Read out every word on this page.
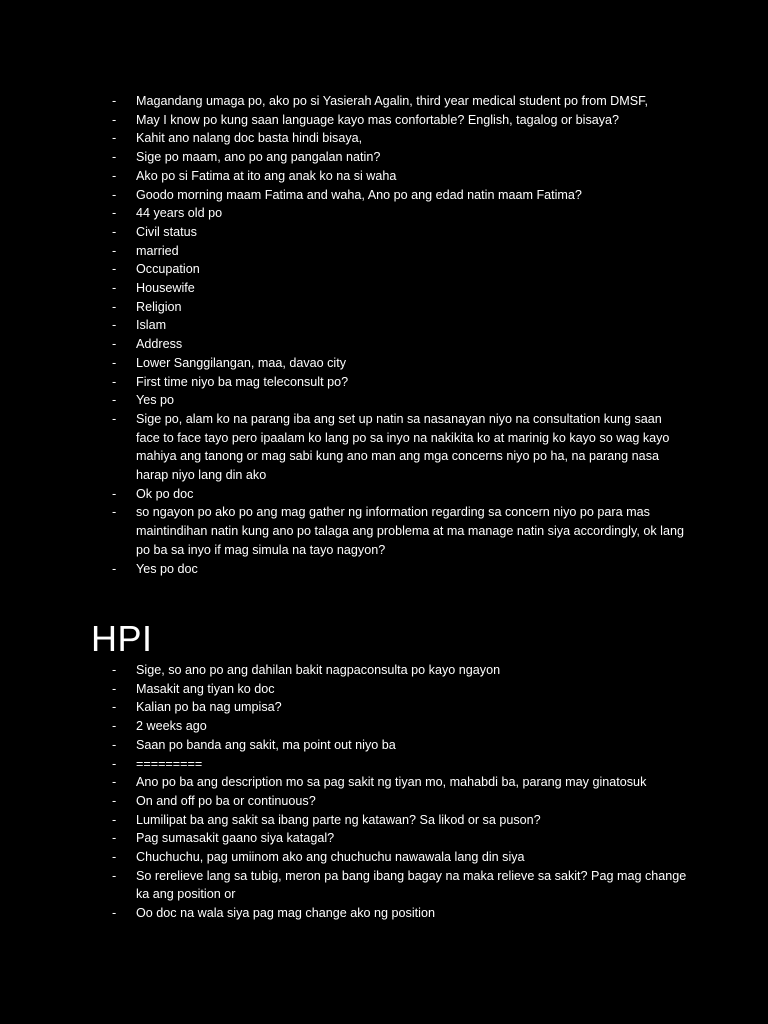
- Magandang umaga po, ako po si Yasierah Agalin, third year medical student po from DMSF,
- May I know po kung saan language kayo mas confortable? English, tagalog or bisaya?
- Kahit ano nalang doc basta hindi bisaya,
- Sige po maam, ano po ang pangalan natin?
- Ako po si Fatima at ito ang anak ko na si waha
- Goodo morning maam Fatima and waha, Ano po ang edad natin maam Fatima?
- 44 years old po
- Civil status
- married
- Occupation
- Housewife
- Religion
- Islam
- Address
- Lower Sanggilangan, maa, davao city
- First time niyo ba mag teleconsult po?
- Yes po
- Sige po, alam ko na parang iba ang set up natin sa nasanayan niyo na consultation kung saan face to face tayo pero ipaalam ko lang po sa inyo na nakikita ko at marinig ko kayo so wag kayo mahiya ang tanong or mag sabi kung ano man ang mga concerns niyo po ha, na parang nasa harap niyo lang din ako
- Ok po doc
- so ngayon po ako po ang mag gather ng information regarding sa concern niyo po para mas maintindihan natin kung ano po talaga ang problema at ma manage natin siya accordingly, ok lang po ba sa inyo if mag simula na tayo nagyon?
- Yes po doc
HPI
- Sige, so ano po ang dahilan bakit nagpaconsulta po kayo ngayon
- Masakit ang tiyan ko doc
- Kalian po ba nag umpisa?
- 2 weeks ago
- Saan po banda ang sakit, ma point out niyo ba
- =========
- Ano po ba ang description mo sa pag sakit ng tiyan mo, mahabdi ba, parang may ginatosuk
- On and off po ba or continuous?
- Lumilipat ba ang sakit sa ibang parte ng katawan? Sa likod or sa puson?
- Pag sumasakit gaano siya katagal?
- Chuchuchu, pag umiinom ako ang chuchuchu nawawala lang din siya
- So rerelieve lang sa tubig, meron pa bang ibang bagay na maka relieve sa sakit? Pag mag change ka ang position or
- Oo doc na wala siya pag mag change ako ng position
